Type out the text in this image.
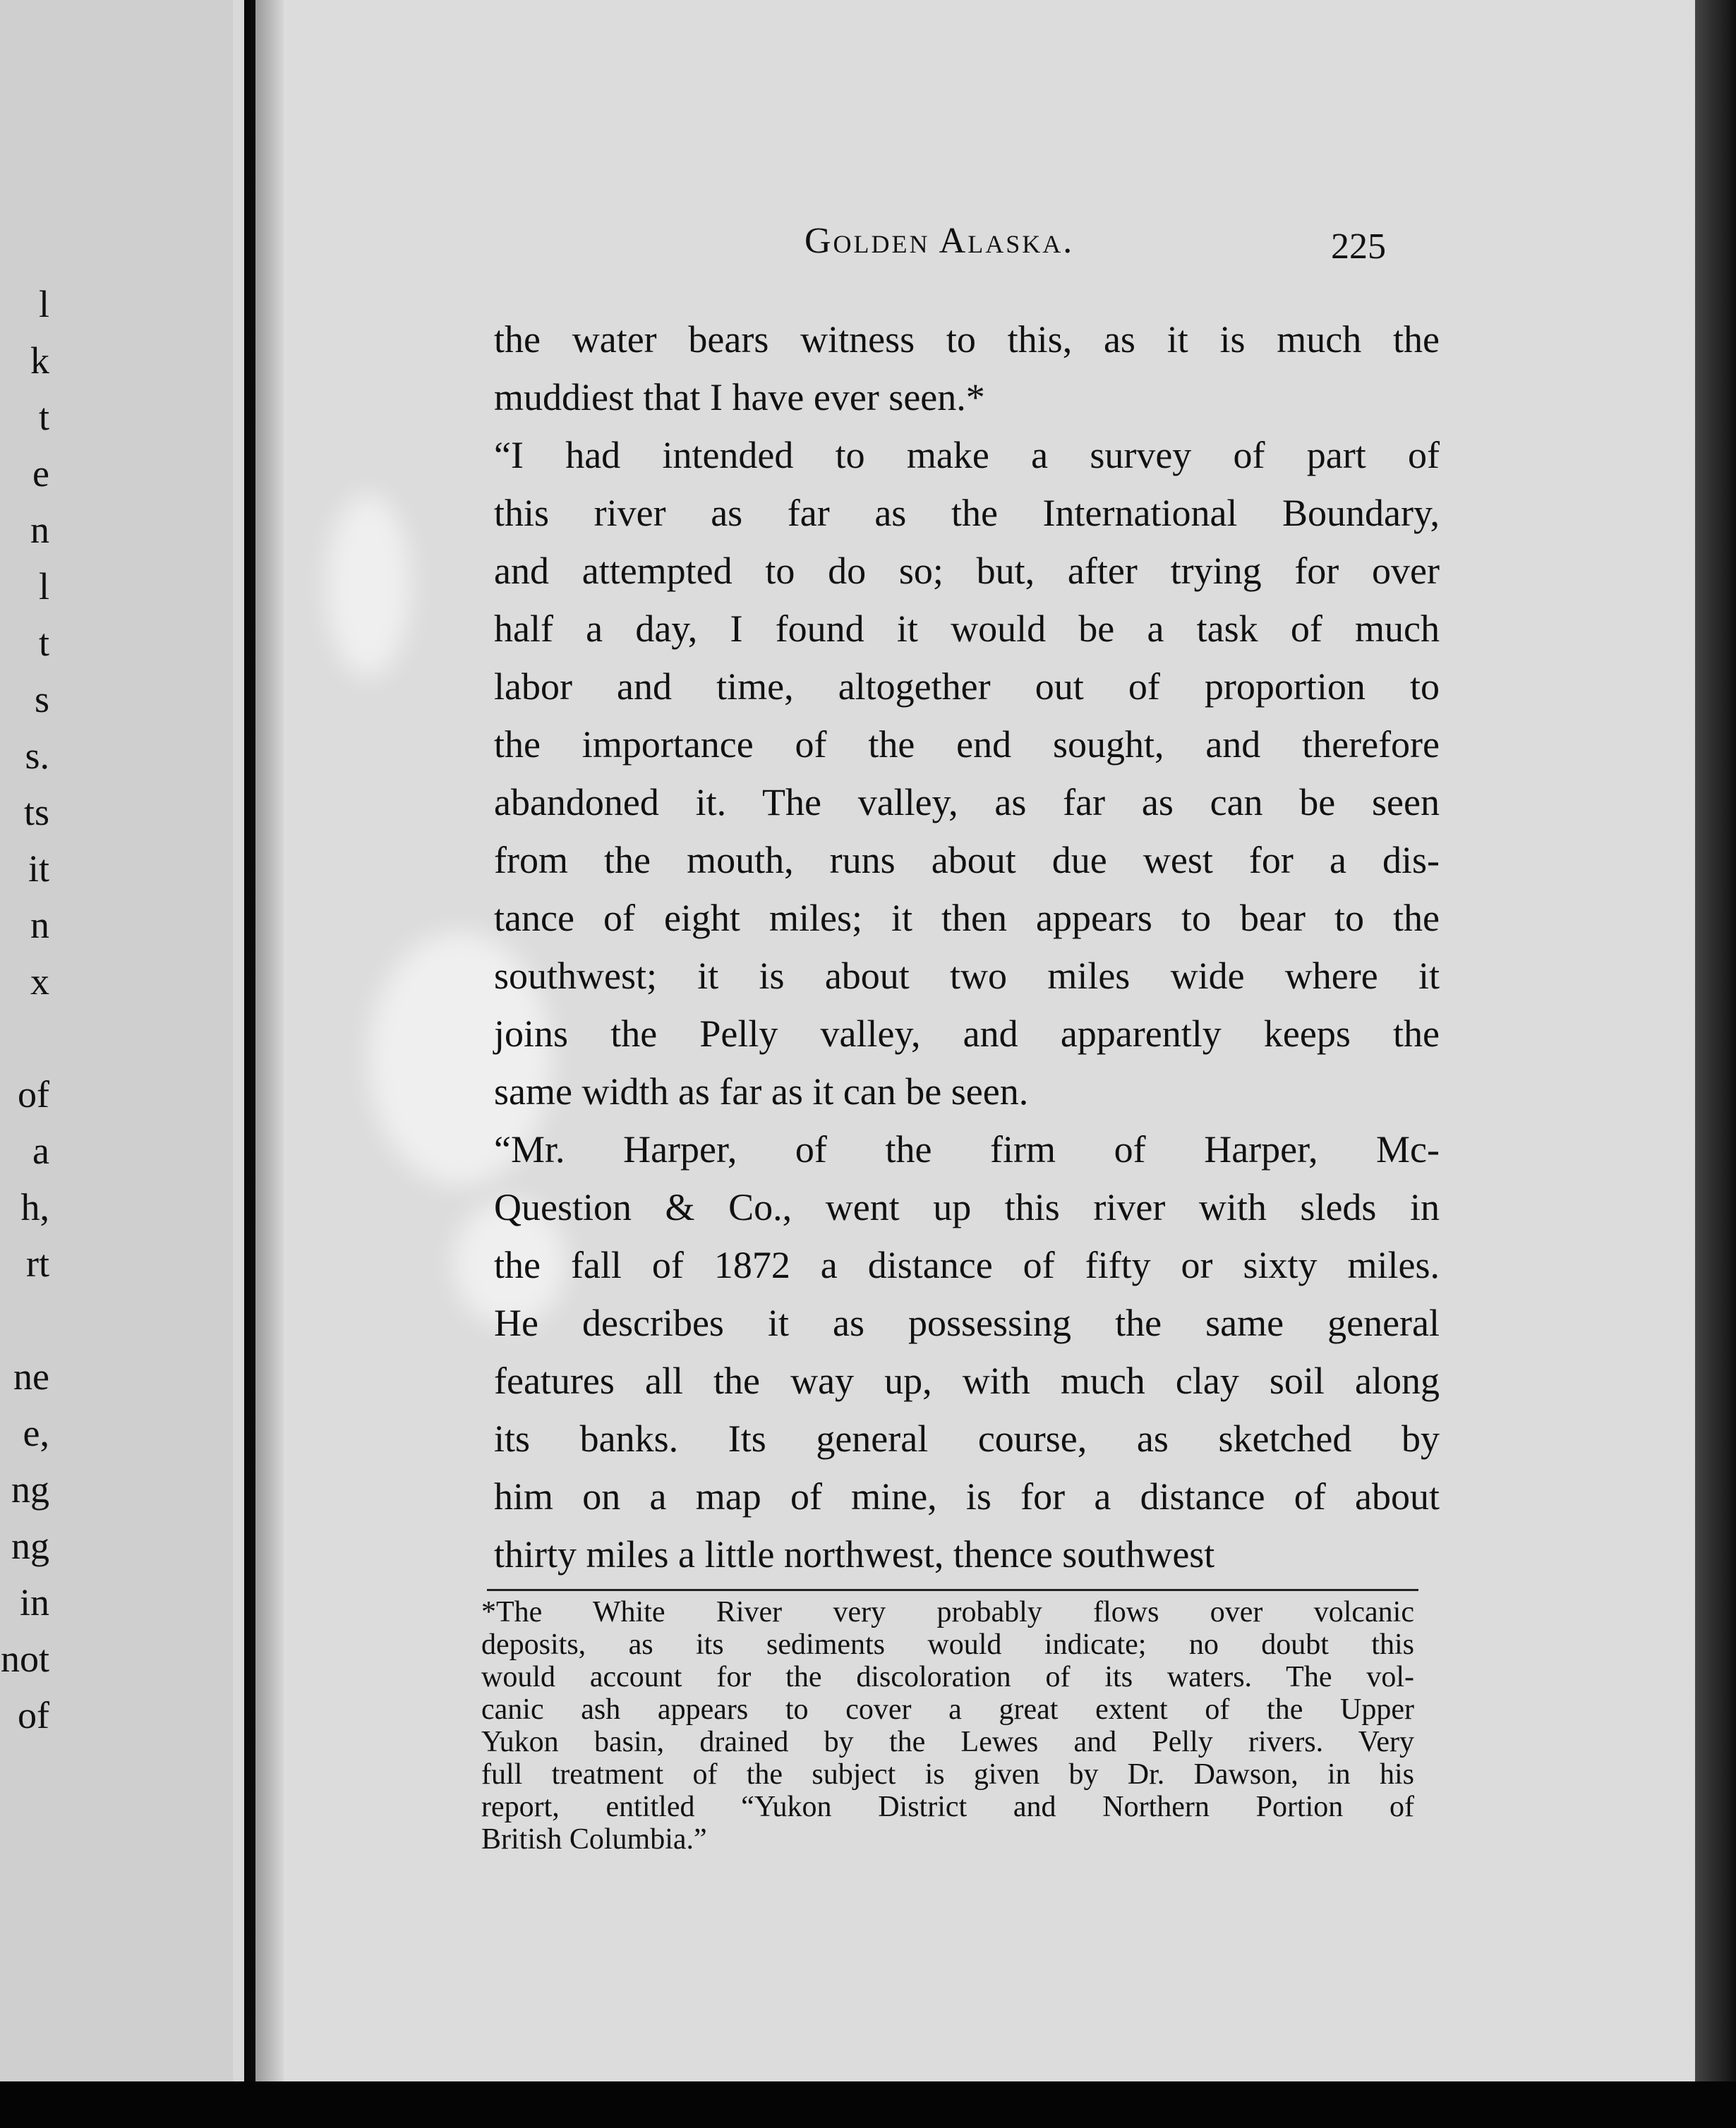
l
k
t
e
n
l
t
s
s.
ts
it
n
x
of
a
h,
rt
ne
e,
ng
ng
in
not
of
Golden Alaska.	225
the water bears witness to this, as it is much the
muddiest that I have ever seen.*
“I had intended to make a survey of part of
this river as far as the International Boundary,
and attempted to do so; but, after trying for over
half a day, I found it would be a task of much
labor and time, altogether out of proportion to
the importance of the end sought, and therefore
abandoned it. The valley, as far as can be seen
from the mouth, runs about due west for a dis-
tance of eight miles; it then appears to bear to the
southwest; it is about two miles wide where it
joins the Pelly valley, and apparently keeps the
same width as far as it can be seen.
“Mr. Harper, of the firm of Harper, Mc-
Question & Co., went up this river with sleds in
the fall of 1872 a distance of fifty or sixty miles.
He describes it as possessing the same general
features all the way up, with much clay soil along
its banks. Its general course, as sketched by
him on a map of mine, is for a distance of about
thirty miles a little northwest, thence southwest
*The White River very probably flows over volcanic
deposits, as its sediments would indicate; no doubt this
would account for the discoloration of its waters. The vol-
canic ash appears to cover a great extent of the Upper
Yukon basin, drained by the Lewes and Pelly rivers. Very
full treatment of the subject is given by Dr. Dawson, in his
report, entitled “Yukon District and Northern Portion of
British Columbia.”
